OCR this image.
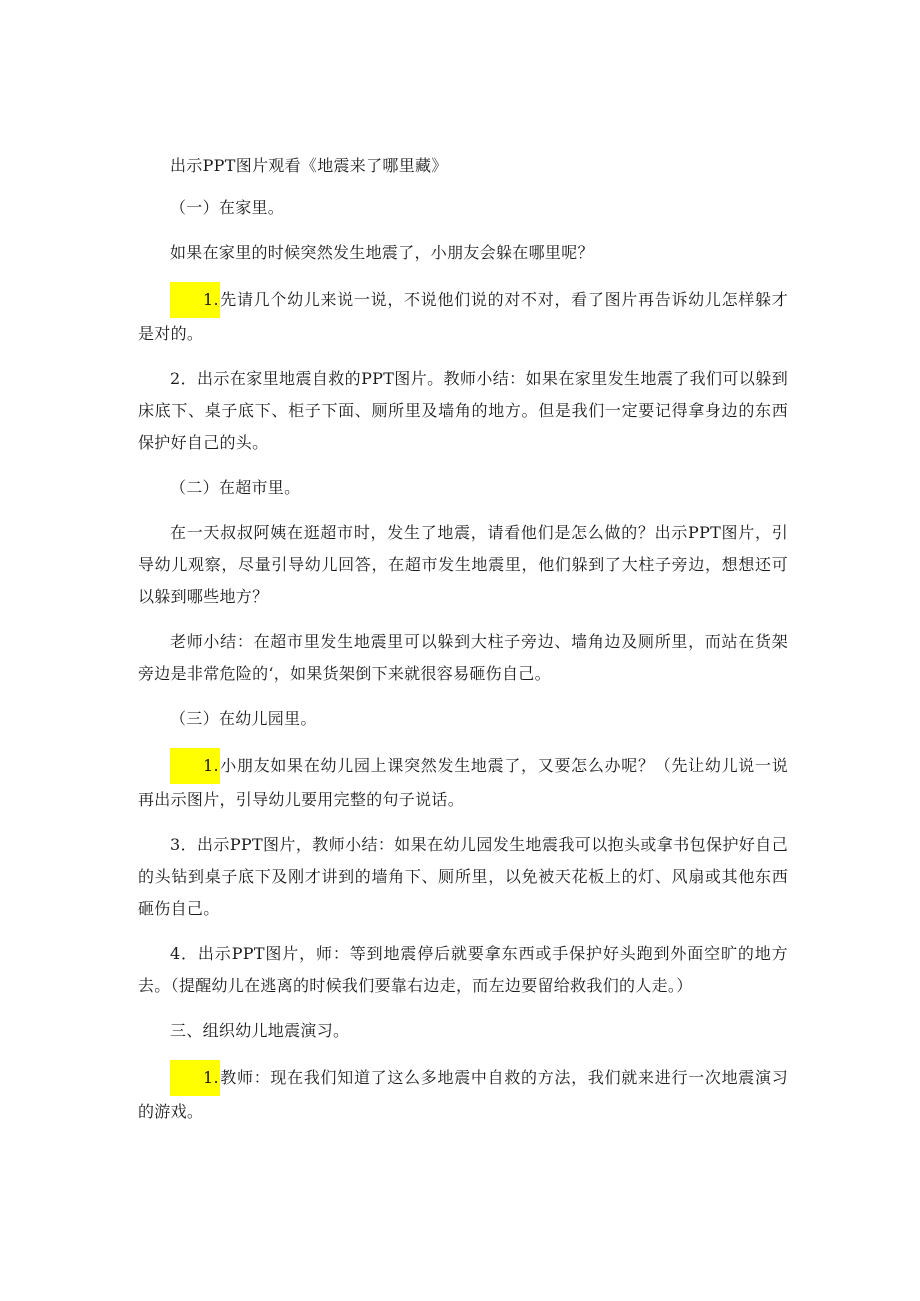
出示PPT图片观看《地震来了哪里藏》

（一）在家里。

如果在家里的时候突然发生地震了，小朋友会躲在哪里呢？

1.先请几个幼儿来说一说，不说他们说的对不对，看了图片再告诉幼儿怎样躲才是对的。

2．出示在家里地震自救的PPT图片。教师小结：如果在家里发生地震了我们可以躲到床底下、桌子底下、柜子下面、厕所里及墙角的地方。但是我们一定要记得拿身边的东西保护好自己的头。

（二）在超市里。

在一天叔叔阿姨在逛超市时，发生了地震，请看他们是怎么做的？出示PPT图片，引导幼儿观察，尽量引导幼儿回答，在超市发生地震里，他们躲到了大柱子旁边，想想还可以躲到哪些地方？

老师小结：在超市里发生地震里可以躲到大柱子旁边、墙角边及厕所里，而站在货架旁边是非常危险的‘，如果货架倒下来就很容易砸伤自己。

（三）在幼儿园里。

1.小朋友如果在幼儿园上课突然发生地震了，又要怎么办呢？（先让幼儿说一说再出示图片，引导幼儿要用完整的句子说话。

3．出示PPT图片，教师小结：如果在幼儿园发生地震我可以抱头或拿书包保护好自己的头钻到桌子底下及刚才讲到的墙角下、厕所里，以免被天花板上的灯、风扇或其他东西砸伤自己。

4．出示PPT图片，师：等到地震停后就要拿东西或手保护好头跑到外面空旷的地方去。（提醒幼儿在逃离的时候我们要靠右边走，而左边要留给救我们的人走。）

三、组织幼儿地震演习。

1.教师：现在我们知道了这么多地震中自救的方法，我们就来进行一次地震演习的游戏。
